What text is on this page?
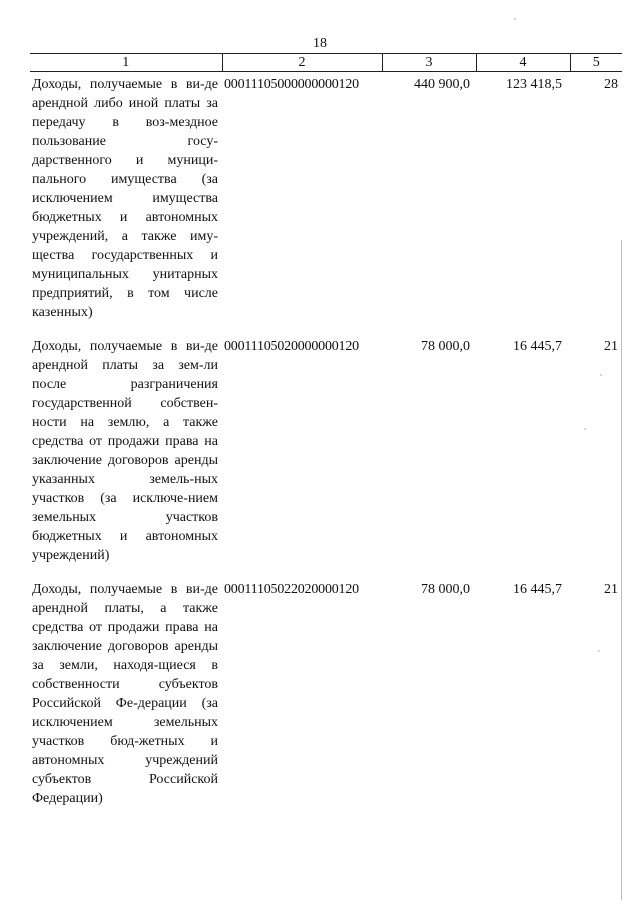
18
1	2	3	4	5
Доходы, получаемые в ви-де арендной либо иной платы за передачу в воз-мездное пользование госу-дарственного и муници-пального имущества (за исключением имущества бюджетных и автономных учреждений, а также иму-щества государственных и муниципальных унитарных предприятий, в том числе казенных)	00011105000000000120	440 900,0	123 418,5	28
Доходы, получаемые в ви-де арендной платы за зем-ли после разграничения государственной собствен-ности на землю, а также средства от продажи права на заключение договоров аренды указанных земель-ных участков (за исключе-нием земельных участков бюджетных и автономных учреждений)	00011105020000000120	78 000,0	16 445,7	21
Доходы, получаемые в ви-де арендной платы, а также средства от продажи права на заключение договоров аренды за земли, находя-щиеся в собственности субъектов Российской Фе-дерации (за исключением земельных участков бюд-жетных и автономных учреждений субъектов Российской Федерации)	00011105022020000120	78 000,0	16 445,7	21
